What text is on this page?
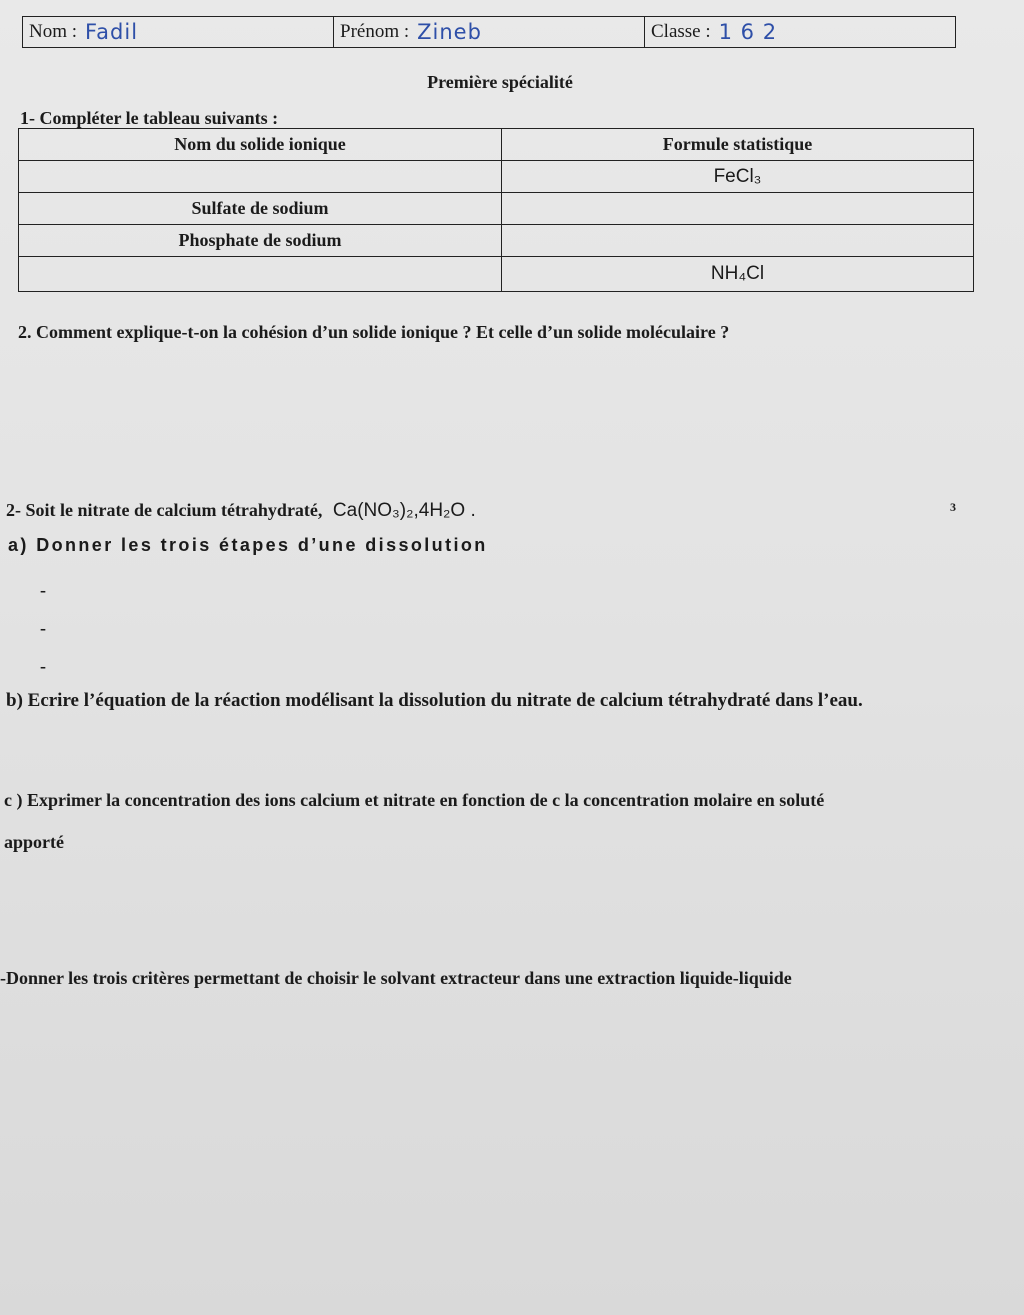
Nom : Fadil	Prénom : Zineb	Classe : 1 6 2
Première spécialité
1- Compléter le tableau suivants :
Nom du solide ionique	Formule statistique
	FeCl₃
Sulfate de sodium	
Phosphate de sodium	
	NH₄Cl
2. Comment explique-t-on la cohésion d’un solide ionique ? Et celle d’un solide moléculaire ?
2- Soit le nitrate de calcium tétrahydraté, Ca(NO₃)₂,4H₂O .	3
a) Donner les trois étapes d’une dissolution
-
-
-
b) Ecrire l’équation de la réaction modélisant la dissolution du nitrate de calcium tétrahydraté dans l’eau.
c ) Exprimer la concentration des ions calcium et nitrate en fonction de c la concentration molaire en soluté
apporté
-Donner les trois critères permettant de choisir le solvant extracteur dans une extraction liquide-liquide
